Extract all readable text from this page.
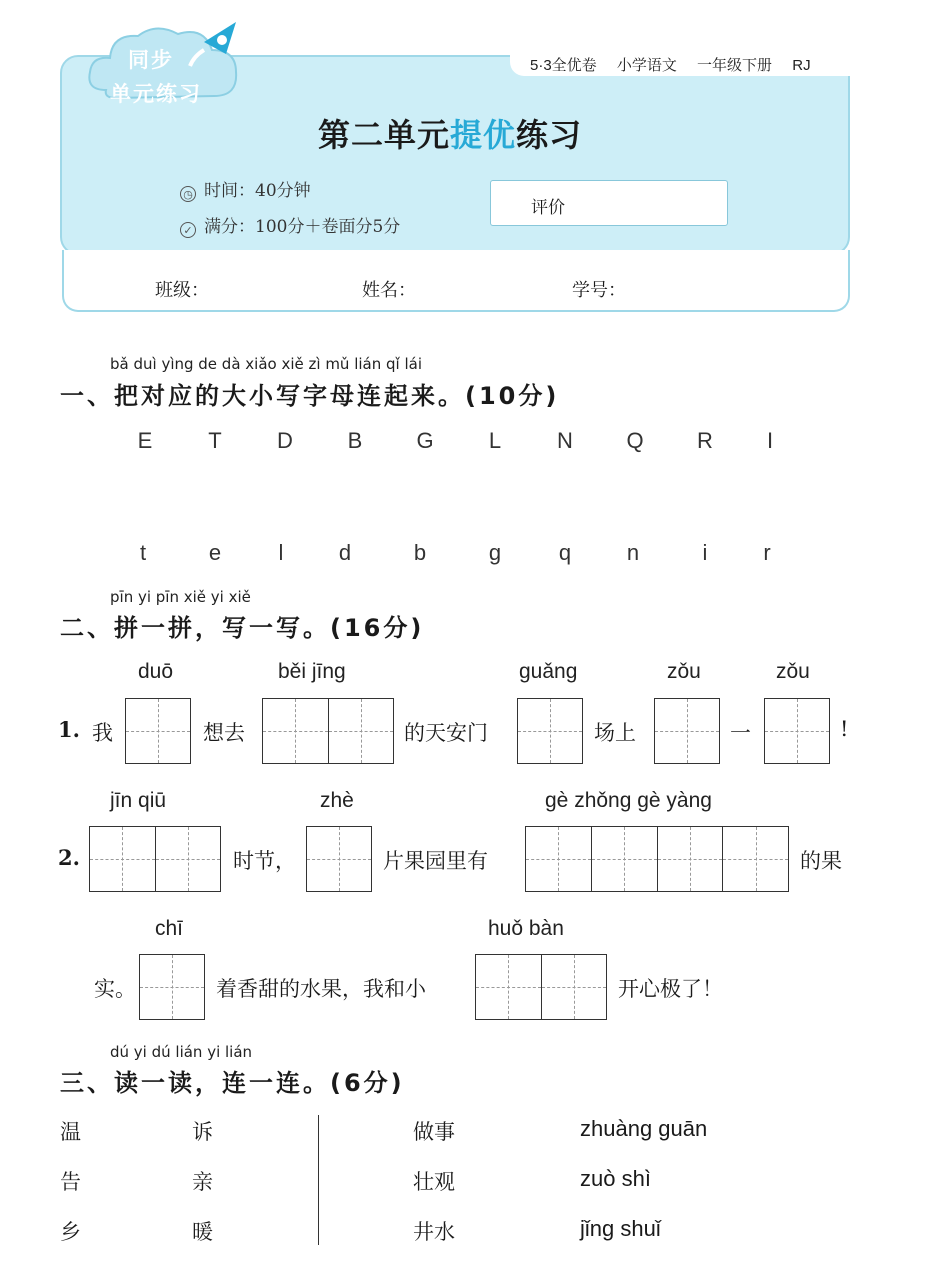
5·3全优卷 小学语文 一年级下册 RJ
同步
单元练习
第二单元提优练习
◷ 时间：40分钟
✓ 满分：100分＋卷面分5分
评价
班级：	姓名：	学号：
bǎ duì yìng de dà xiǎo xiě zì mǔ lián qǐ lái
一、把对应的大小写字母连起来。(10分)
E	T	D	B	G	L	N	Q	R	I
t	e	l	d	b	g	q	n	i	r
pīn yi pīn xiě yi xiě
二、拼一拼，写一写。(16分)
duō	běi jīng	guǎng	zǒu	zǒu
1. 我	想去	的天安门	场上	一	!
jīn qiū	zhè	gè zhǒng gè yàng
2.	时节，	片果园里有	的果
chī	huǒ bàn
实。	着香甜的水果，我和小	开心极了！
dú yi dú lián yi lián
三、读一读，连一连。(6分)
温
告
乡
诉
亲
暖
做事
壮观
井水
zhuàng guān
zuò shì
jǐng shuǐ
